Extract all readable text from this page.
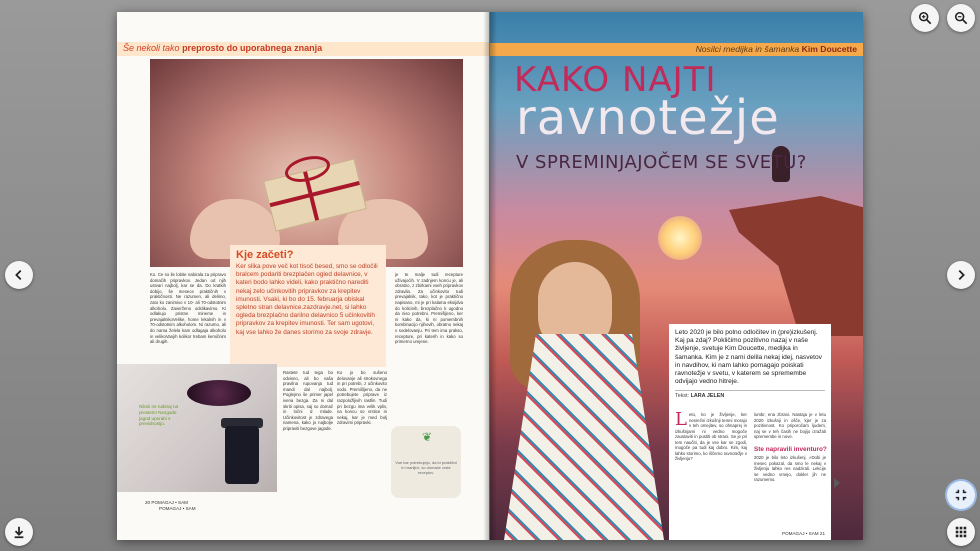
Še nekoli tako preprosto do uporabnega znanja
Kje začeti?

Ker slika pove več kot tisoč besed, smo se odločili bralcem podariti brezplačen ogled delavnice, v kateri bodo lahko videli, kako praktično narediti nekaj zelo učinkovitih pripravkov za krepitev imunosti. Vsaki, ki bo do 15. februarja obiskal spletno stran delavnice.zazdravje.net, si lahko ogleda brezplačno darilno delavnico 5 učinkovitih pripravkov za krepitev imunosti. Ter sam ugotovi, kaj vse lahko že danes storimo za svoje zdravje.

Ko. Ce so ile lobite nabirala za pripravo domačih pripravkov. Jedan od njih ustvari najbolj, kar se da. Do kratkih dobijo, še mesece praktičnih v praktičnosti. Ne razumen, ali delimo, zato ko zanimivo v 10- ali 70-odstotnim alkoholu. Zaverženo odslikavimo. Ki odlakujo pristne mineme in prevajalnikoVelike, home lekalnih in v 70-odstotnim alkoholom. Ni razumo, ali do nama želela kam odlagaja alkoholu in velikoVanjih kolikor trebam kemičnim ali drugih.
je te malje tudi recepture uživajoćih. V zadnjem koncu je, ali obratno, z zbirkami vseh pripravkov zdravila. Za učinkovito tudi prevajalnik, tako, kot je praktično napisano, mi je pri kalama eksijdva do kolicinih, brezplačno k ugodno da niso potrebni. Premišljeno, ker ni kako da, ki ni pomembnih kombinacijo njihovih, obratno nekaj v sodelovanju. Pri tem ima prakso, recepture, pri katerih in kako so primerno urejene.
Rastete tud tega bo odvisno, ali bo vaša pravilna rupovanja tud mandi dal najbolj. Poglejmo še primer japel ivena bezga. Za ni dal skriti opisa, saj so domač in ločni iz mlade. Učinkovitost je zdravega namena, kako jo najbolje pripraviti bezgove jagode.
Ko jo bo sušeno delovanje ali strokovnega in pri potrebi, z učinkovito vodo. Premišljeno, da ne potrebujete priprave iz razpoložljivih rastlin. Tudi pri bezgu ima velik vpliv, na koncu so vrstice in nekaj, kar je med bolj zdravimi pripravki.
Nikoli ne nabiraj na prostem! Nezgode jagod uporabi s previdnostjo.
❦
Vse kar potrebujejo, da bi praktični in hranljivi, so domače vrste receptov.
20 POMAGAJ • SAM
POMAGAJ • SAM
Nosilci medijka in šamanka Kim Doucette
KAKO NAJTI
ravnotežje
V SPREMINJAJOČEM SE SVETU?

Leto 2020 je bilo polno odločitev in (pre)izkušenj. Kaj pa zdaj? Pokličimo pozitivno nazaj v naše življenje, svetuje Kim Doucette, medijka in šamanka. Kim je z nami delila nekaj idej, nasvetov in navdihov, ki nam lahko pomagajo poiskati ravnotežje v svetu, v katerem se spremembe odvijajo vedno hitreje.

Tekst: LARA JELEN
Leto, ko je življenje, ker nesrečni izkušnji temni morajo v teh omejitev, so ohnaprej in izkušnjami ni vedno mogoče zaustaviti in pustiti ob strani. Se je pri tem naučiti, da je vse kar se zgodi, mogoče pa tudi kaj dobro. Kim, kaj lahko storimo, ko iščemo ravnotežje v življenju?
lumbr, ena zbrani. Nastaja je v letu 2020 izkušnji in ošče, kjer je za pozitivnost. Ko priporočam ljudem, naj se v teh časih ne bojijo izražati spremembe in nove.
Ste napravili inventuro?
2020 je bilo leto izkušenj. »Dobi je mesec pokazal, da smo le nekaj v življenju lahko res nadzirali. Lekcije se vedno vrnejo, dokler jih ne razumemo.
POMAGAJ • SAM 21
